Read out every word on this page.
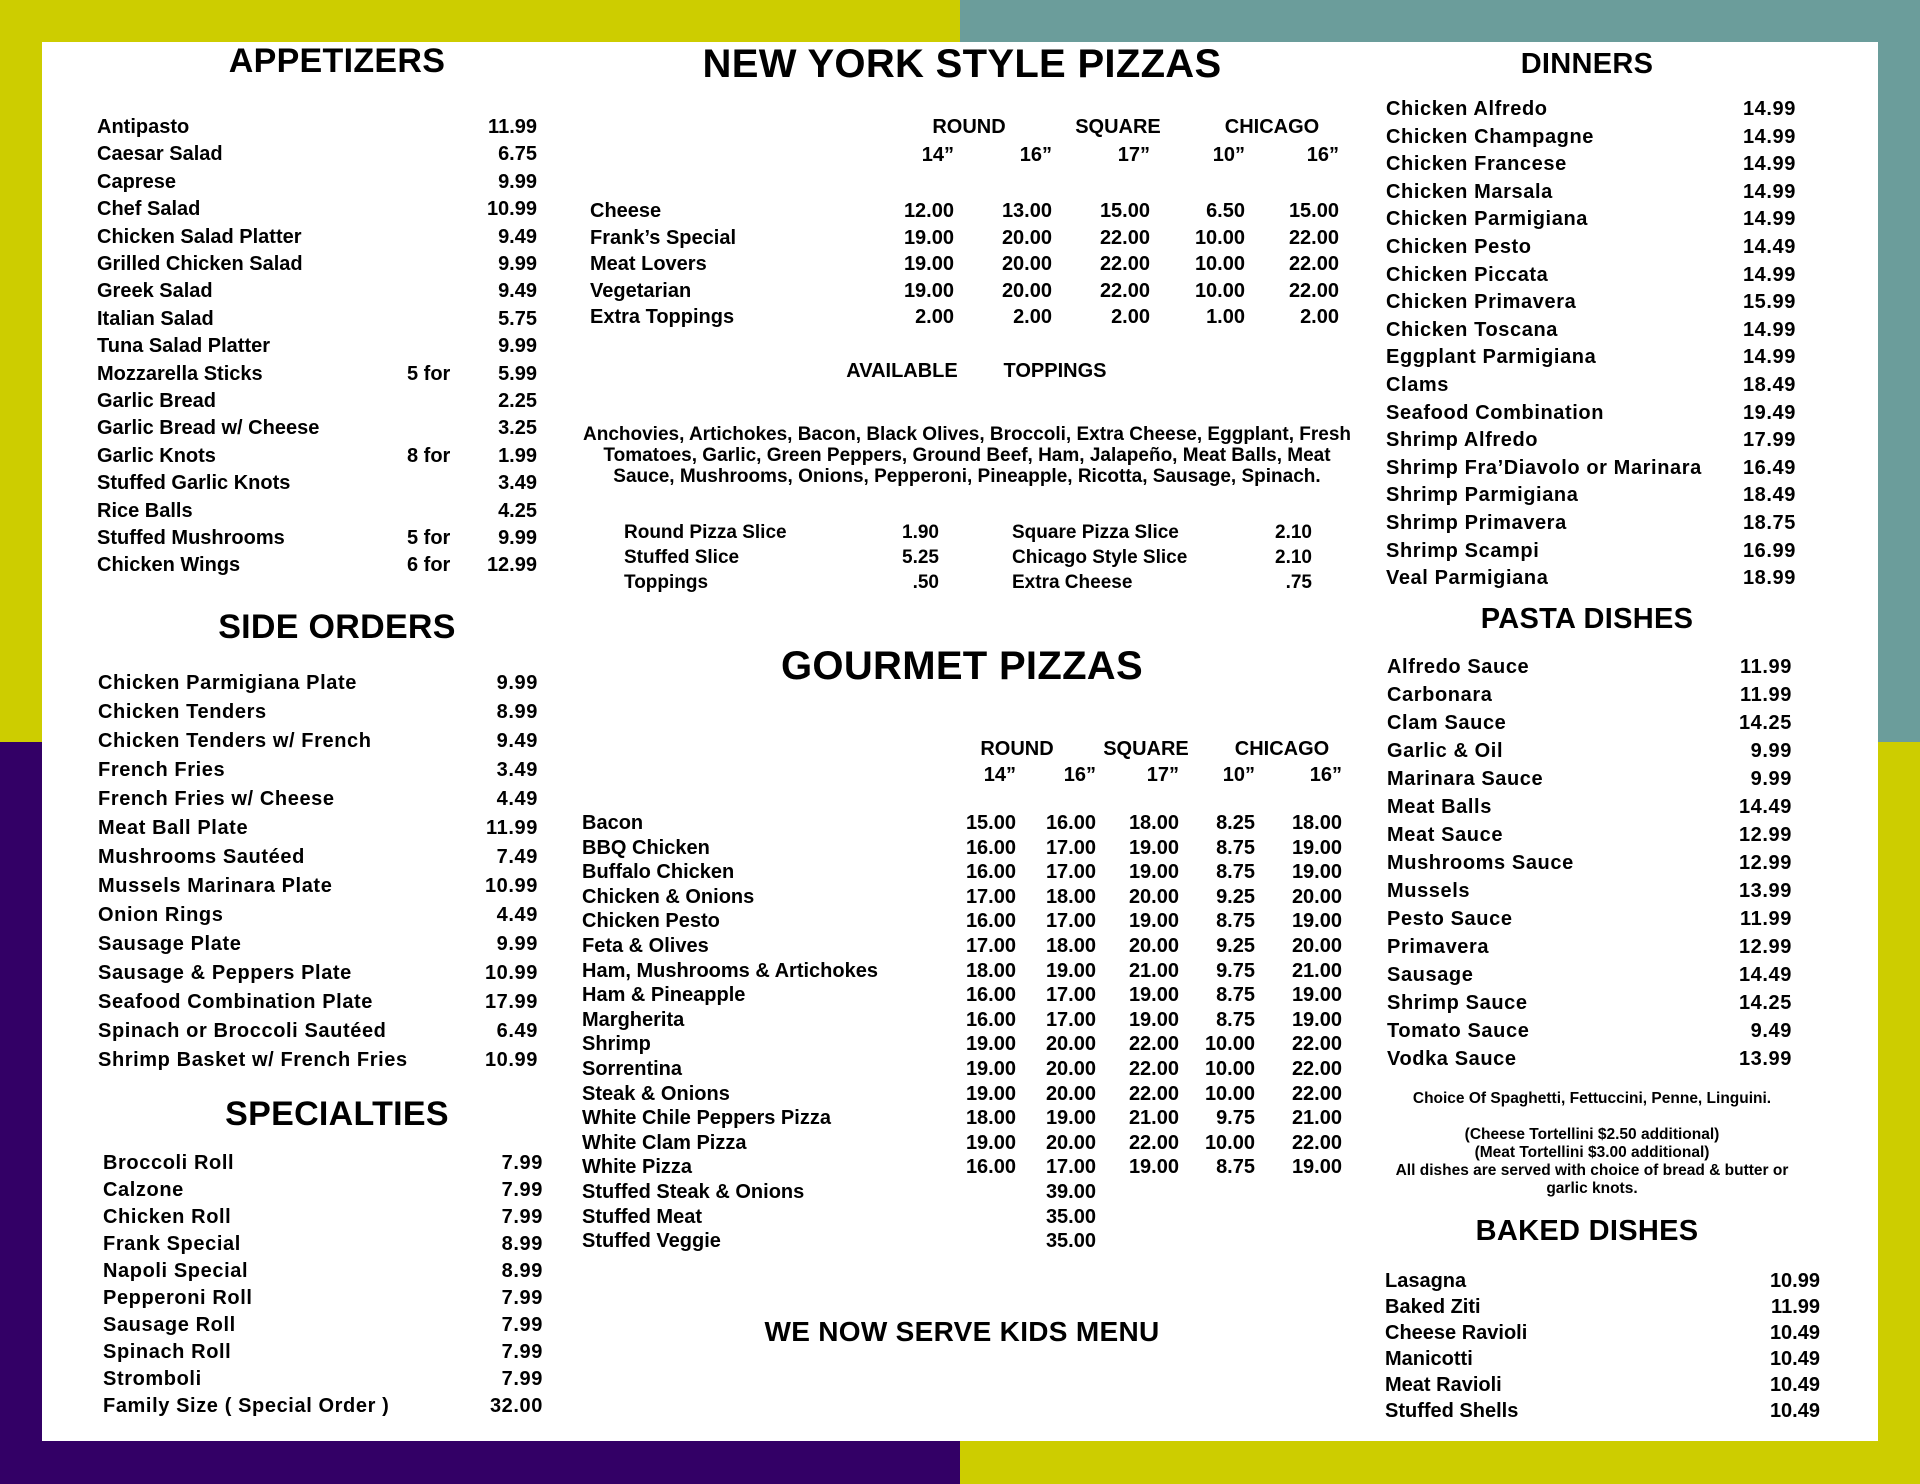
APPETIZERS
Antipasto	11.99
Caesar Salad	6.75
Caprese	9.99
Chef Salad	10.99
Chicken Salad Platter	9.49
Grilled Chicken Salad	9.99
Greek Salad	9.49
Italian Salad	5.75
Tuna Salad Platter	9.99
Mozzarella Sticks	5 for	5.99
Garlic Bread	2.25
Garlic Bread w/ Cheese	3.25
Garlic Knots	8 for	1.99
Stuffed Garlic Knots	3.49
Rice Balls	4.25
Stuffed Mushrooms	5 for	9.99
Chicken Wings	6 for	12.99
SIDE ORDERS
Chicken Parmigiana Plate	9.99
Chicken Tenders	8.99
Chicken Tenders w/ French	9.49
French Fries	3.49
French Fries w/ Cheese	4.49
Meat Ball Plate	11.99
Mushrooms Sautéed	7.49
Mussels Marinara Plate	10.99
Onion Rings	4.49
Sausage Plate	9.99
Sausage & Peppers Plate	10.99
Seafood Combination Plate	17.99
Spinach or Broccoli Sautéed	6.49
Shrimp Basket w/ French Fries	10.99
SPECIALTIES
Broccoli Roll	7.99
Calzone	7.99
Chicken Roll	7.99
Frank Special	8.99
Napoli Special	8.99
Pepperoni Roll	7.99
Sausage Roll	7.99
Spinach Roll	7.99
Stromboli	7.99
Family Size ( Special Order )	32.00
NEW YORK STYLE PIZZAS
ROUND	SQUARE	CHICAGO
14”	16”	17”	10”	16”
Cheese	12.00	13.00	15.00	6.50	15.00
Frank’s Special	19.00	20.00	22.00	10.00	22.00
Meat Lovers	19.00	20.00	22.00	10.00	22.00
Vegetarian	19.00	20.00	22.00	10.00	22.00
Extra Toppings	2.00	2.00	2.00	1.00	2.00
AVAILABLE	TOPPINGS
Anchovies, Artichokes, Bacon, Black Olives, Broccoli, Extra Cheese, Eggplant, Fresh Tomatoes, Garlic, Green Peppers, Ground Beef, Ham, Jalapeño, Meat Balls, Meat Sauce, Mushrooms, Onions, Pepperoni, Pineapple, Ricotta, Sausage, Spinach.
Round Pizza Slice	1.90
Stuffed Slice	5.25
Toppings	.50
Square Pizza Slice	2.10
Chicago Style Slice	2.10
Extra Cheese	.75
GOURMET PIZZAS
ROUND	SQUARE	CHICAGO
14”	16”	17”	10”	16”
Bacon	15.00	16.00	18.00	8.25	18.00
BBQ Chicken	16.00	17.00	19.00	8.75	19.00
Buffalo Chicken	16.00	17.00	19.00	8.75	19.00
Chicken & Onions	17.00	18.00	20.00	9.25	20.00
Chicken Pesto	16.00	17.00	19.00	8.75	19.00
Feta & Olives	17.00	18.00	20.00	9.25	20.00
Ham, Mushrooms & Artichokes	18.00	19.00	21.00	9.75	21.00
Ham & Pineapple	16.00	17.00	19.00	8.75	19.00
Margherita	16.00	17.00	19.00	8.75	19.00
Shrimp	19.00	20.00	22.00	10.00	22.00
Sorrentina	19.00	20.00	22.00	10.00	22.00
Steak & Onions	19.00	20.00	22.00	10.00	22.00
White Chile Peppers Pizza	18.00	19.00	21.00	9.75	21.00
White Clam Pizza	19.00	20.00	22.00	10.00	22.00
White Pizza	16.00	17.00	19.00	8.75	19.00
Stuffed Steak & Onions	39.00
Stuffed Meat	35.00
Stuffed Veggie	35.00
WE NOW SERVE KIDS MENU
DINNERS
Chicken Alfredo	14.99
Chicken Champagne	14.99
Chicken Francese	14.99
Chicken Marsala	14.99
Chicken Parmigiana	14.99
Chicken Pesto	14.49
Chicken Piccata	14.99
Chicken Primavera	15.99
Chicken Toscana	14.99
Eggplant Parmigiana	14.99
Clams	18.49
Seafood Combination	19.49
Shrimp Alfredo	17.99
Shrimp Fra’Diavolo or Marinara	16.49
Shrimp Parmigiana	18.49
Shrimp Primavera	18.75
Shrimp Scampi	16.99
Veal Parmigiana	18.99
PASTA DISHES
Alfredo Sauce	11.99
Carbonara	11.99
Clam Sauce	14.25
Garlic & Oil	9.99
Marinara Sauce	9.99
Meat Balls	14.49
Meat Sauce	12.99
Mushrooms Sauce	12.99
Mussels	13.99
Pesto Sauce	11.99
Primavera	12.99
Sausage	14.49
Shrimp Sauce	14.25
Tomato Sauce	9.49
Vodka Sauce	13.99
Choice Of Spaghetti, Fettuccini, Penne, Linguini.
(Cheese Tortellini $2.50 additional)
(Meat Tortellini $3.00 additional)
All dishes are served with choice of bread & butter or garlic knots.
BAKED DISHES
Lasagna	10.99
Baked Ziti	11.99
Cheese Ravioli	10.49
Manicotti	10.49
Meat Ravioli	10.49
Stuffed Shells	10.49
